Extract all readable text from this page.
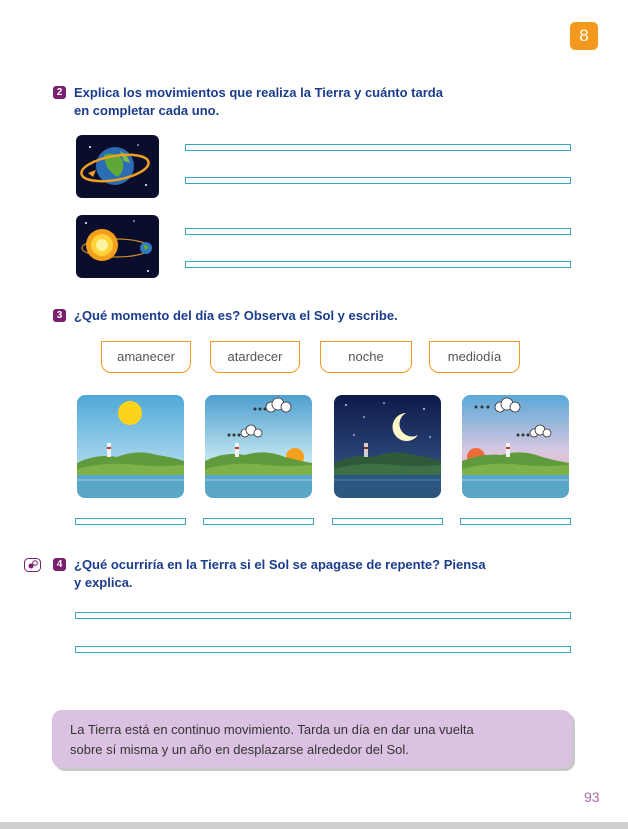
8
2 Explica los movimientos que realiza la Tierra y cuánto tarda
en completar cada uno.
3 ¿Qué momento del día es? Observa el Sol y escribe.
amanecer	atardecer	noche	mediodía
4 ¿Qué ocurriría en la Tierra si el Sol se apagase de repente? Piensa
y explica.
La Tierra está en continuo movimiento. Tarda un día en dar una vuelta
sobre sí misma y un año en desplazarse alrededor del Sol.
93
